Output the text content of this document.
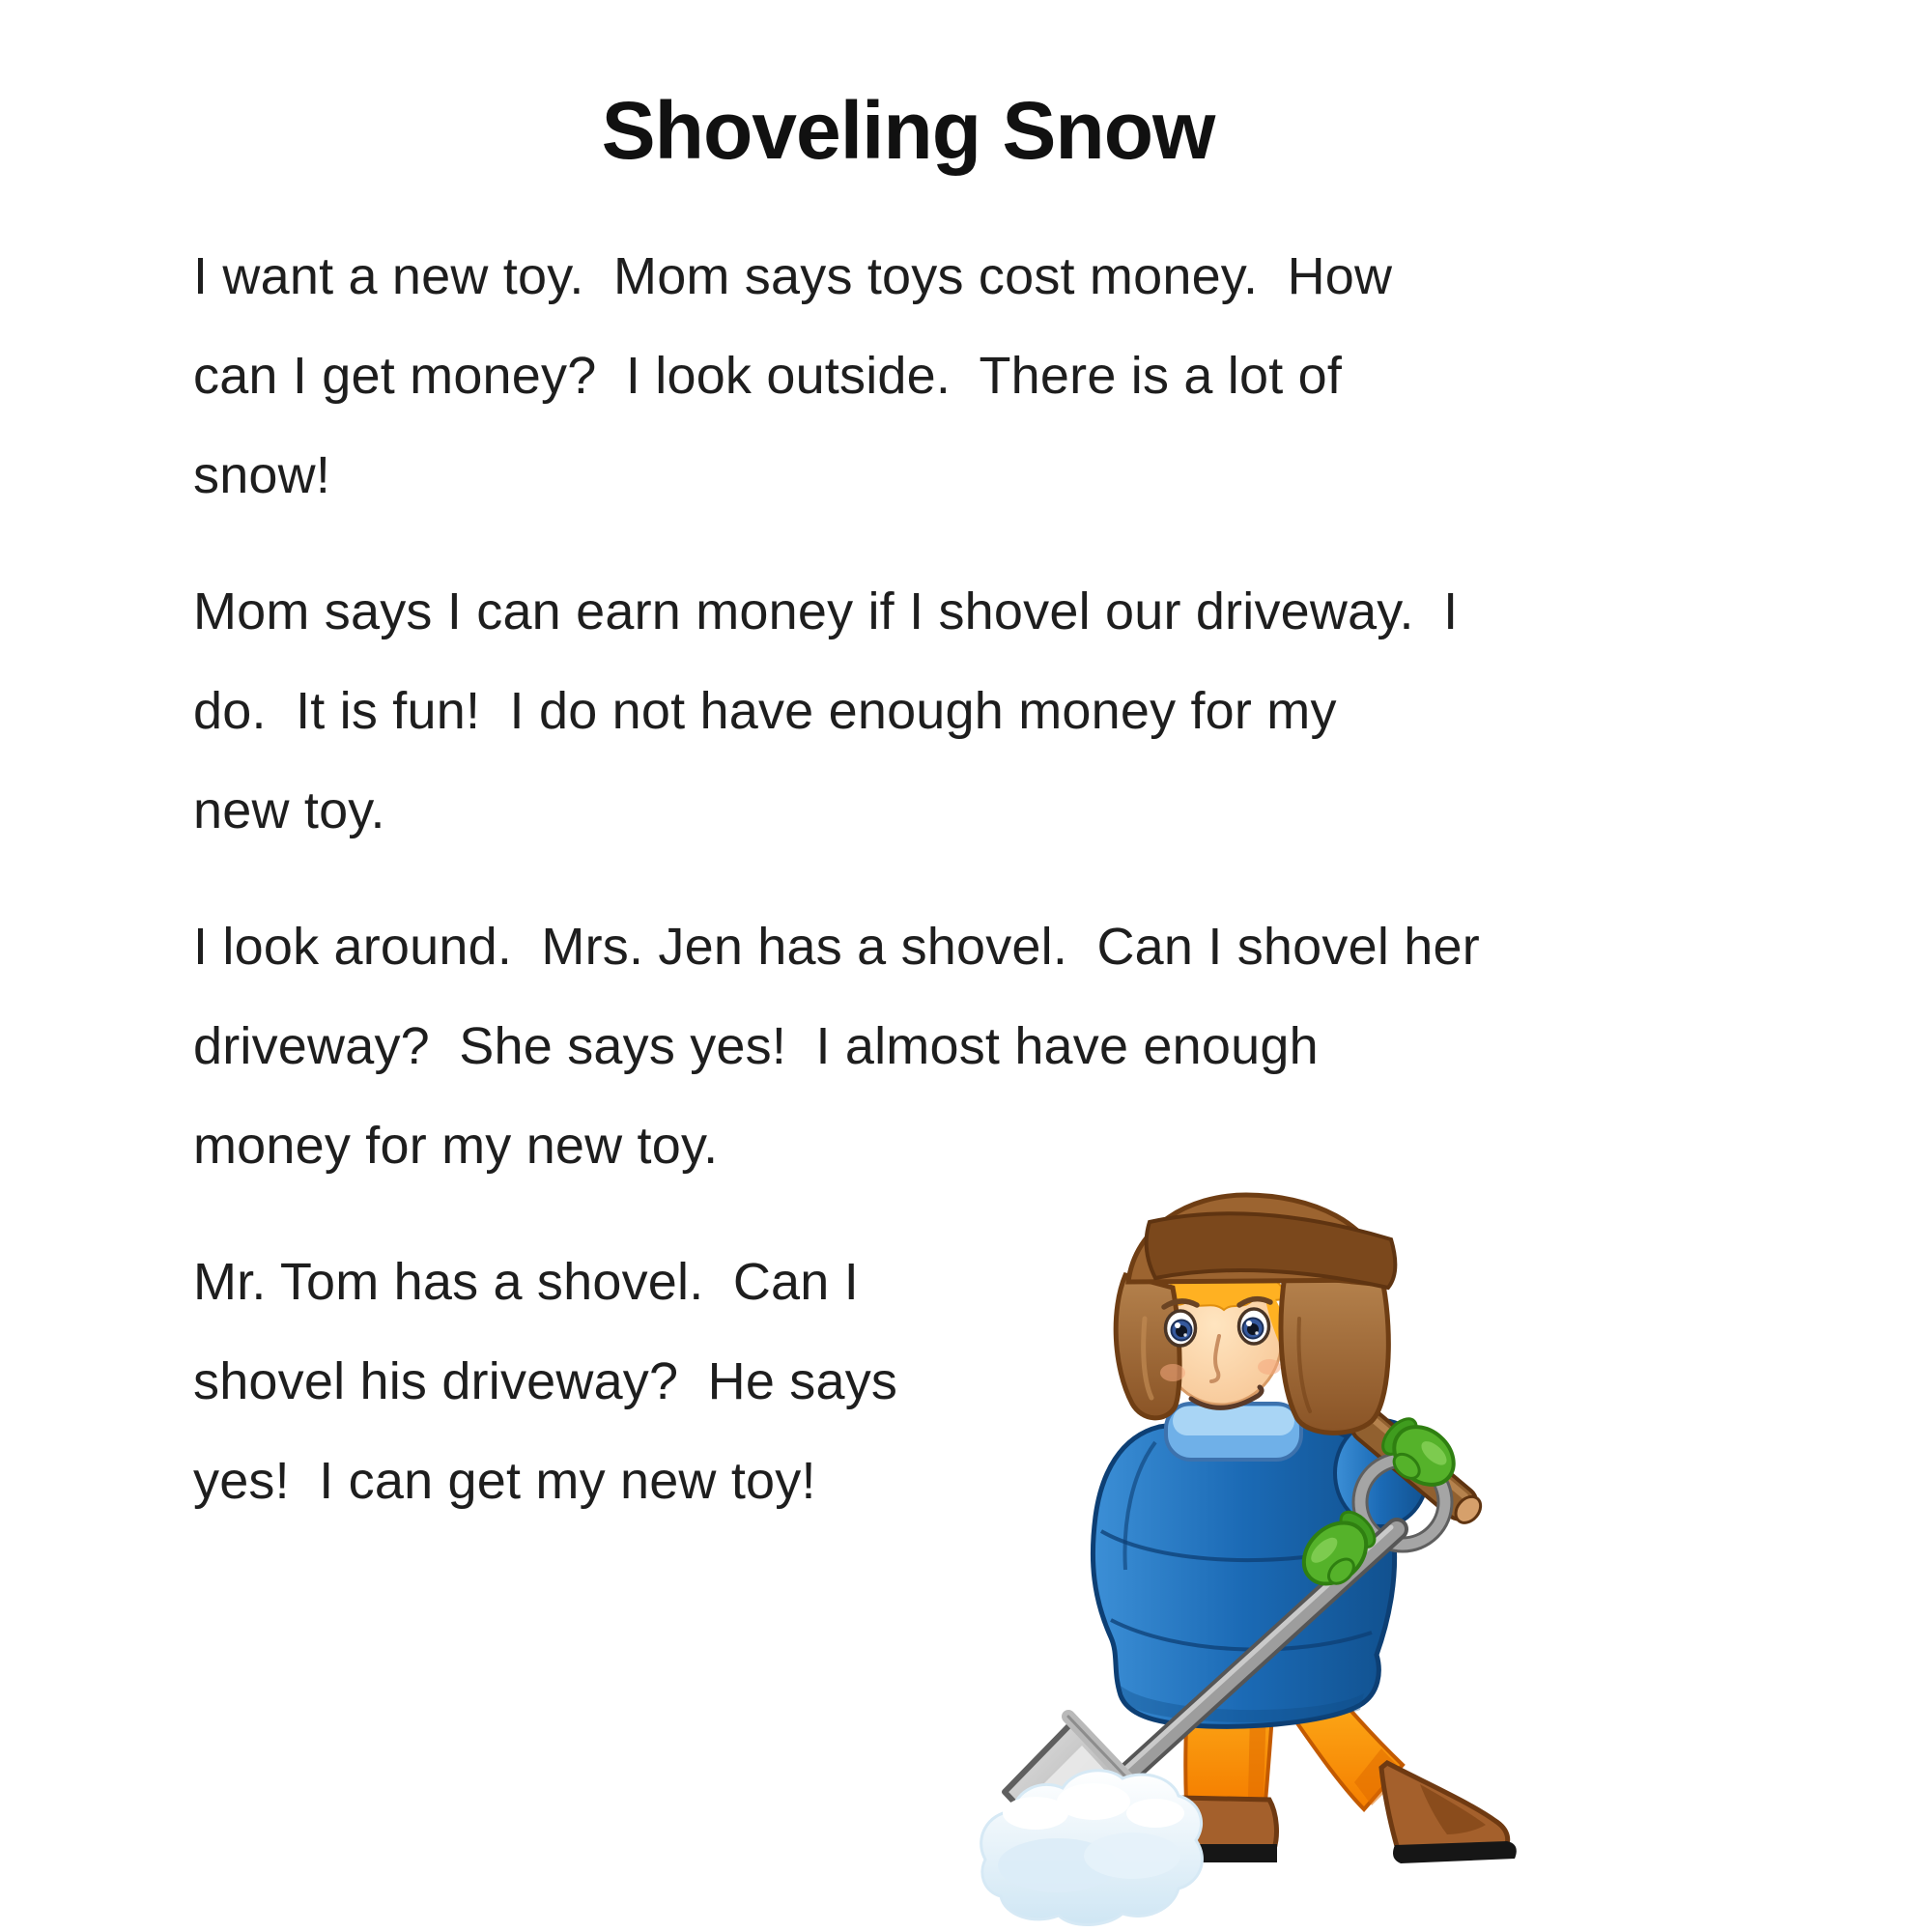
Shoveling Snow
I want a new toy.  Mom says toys cost money.  How
can I get money?  I look outside.  There is a lot of
snow!
Mom says I can earn money if I shovel our driveway.  I
do.  It is fun!  I do not have enough money for my
new toy.
I look around.  Mrs. Jen has a shovel.  Can I shovel her
driveway?  She says yes!  I almost have enough
money for my new toy.
Mr. Tom has a shovel.  Can I
shovel his driveway?  He says
yes!  I can get my new toy!
